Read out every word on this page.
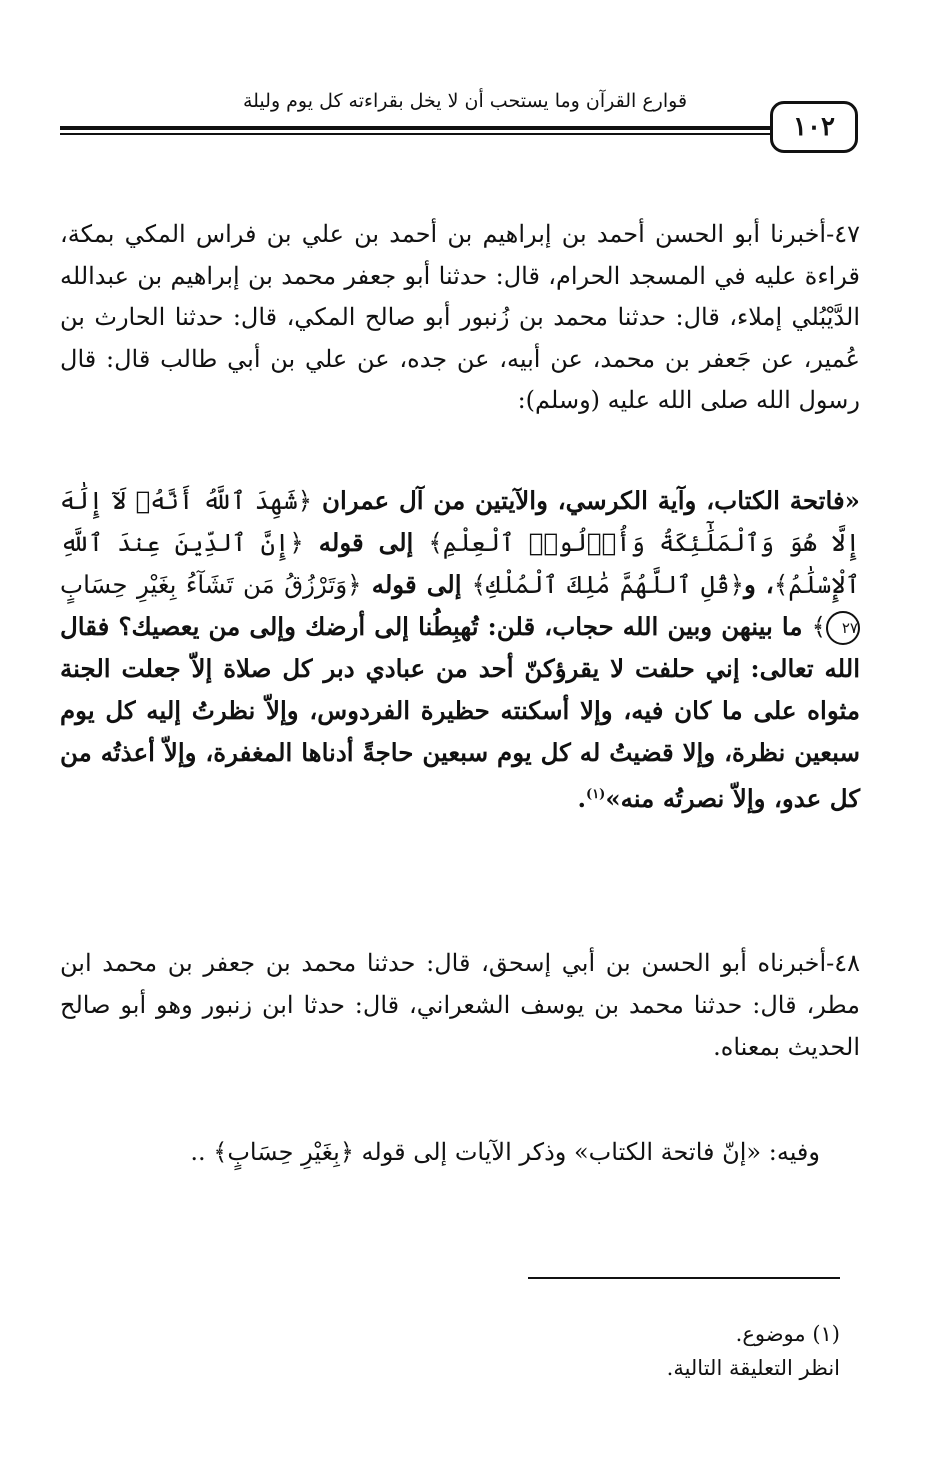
قوارع القرآن وما يستحب أن لا يخل بقراءته كل يوم وليلة
١٠٢

٤٧-أخبرنا أبو الحسن أحمد بن إبراهيم بن أحمد بن علي بن فراس المكي بمكة، قراءة عليه في المسجد الحرام، قال: حدثنا أبو جعفر محمد بن إبراهيم بن عبدالله الدَّيْبُلي إملاء، قال: حدثنا محمد بن زُنبور أبو صالح المكي، قال: حدثنا الحارث بن عُمير، عن جَعفر بن محمد، عن أبيه، عن جده، عن علي بن أبي طالب قال: قال رسول الله صلى الله عليه (وسلم):

«فاتحة الكتاب، وآية الكرسي، والآيتين من آل عمران ﴿شَهِدَ ٱللَّهُ أَنَّهُۥ لَآ إِلَٰهَ إِلَّا هُوَ وَٱلْمَلَٰٓئِكَةُ وَأُو۟لُوا۟ ٱلْعِلْمِ﴾ إلى قوله ﴿إِنَّ ٱلدِّينَ عِندَ ٱللَّهِ ٱلْإِسْلَٰمُ﴾، و﴿قُلِ ٱللَّهُمَّ مَٰلِكَ ٱلْمُلْكِ﴾ إلى قوله ﴿وَتَرْزُقُ مَن تَشَآءُ بِغَيْرِ حِسَابٍ ٢٧﴾ ما بينهن وبين الله حجاب، قلن: تُهبِطُنا إلى أرضك وإلى من يعصيك؟ فقال الله تعالى: إني حلفت لا يقرؤكنّ أحد من عبادي دبر كل صلاة إلاّ جعلت الجنة مثواه على ما كان فيه، وإلا أسكنته حظيرة الفردوس، وإلاّ نظرتُ إليه كل يوم سبعين نظرة، وإلا قضيتُ له كل يوم سبعين حاجةً أدناها المغفرة، وإلاّ أعذتُه من كل عدو، وإلاّ نصرتُه منه»$^{(١)}$.

٤٨-أخبرناه أبو الحسن بن أبي إسحق، قال: حدثنا محمد بن جعفر بن محمد ابن مطر، قال: حدثنا محمد بن يوسف الشعراني، قال: حدثا ابن زنبور وهو أبو صالح الحديث بمعناه.

وفيه: «إنّ فاتحة الكتاب» وذكر الآيات إلى قوله ﴿بِغَيْرِ حِسَابٍ﴾ ..

(١) موضوع.
انظر التعليقة التالية.
